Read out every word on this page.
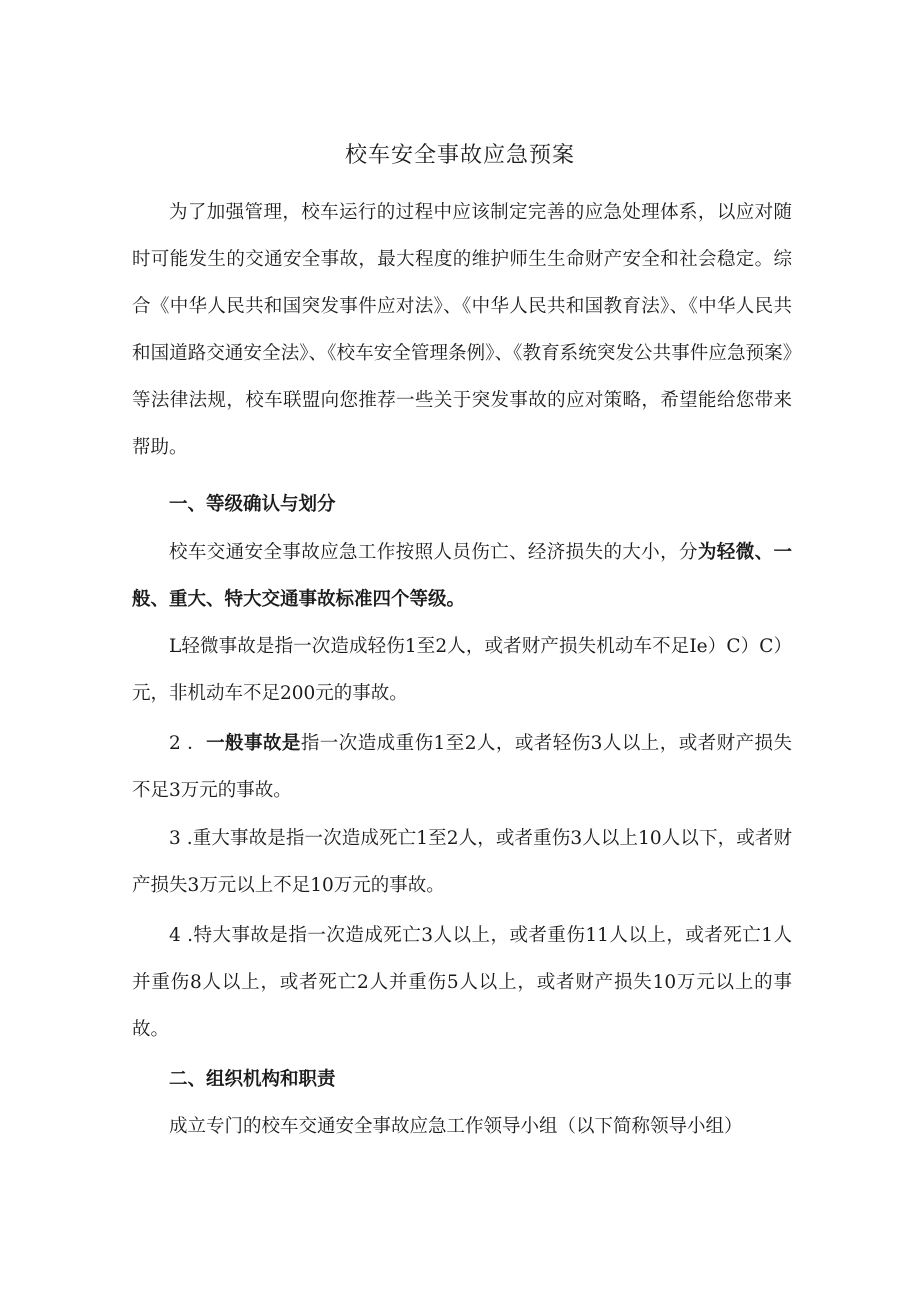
校车安全事故应急预案

为了加强管理，校车运行的过程中应该制定完善的应急处理体系，以应对随时可能发生的交通安全事故，最大程度的维护师生生命财产安全和社会稳定。综合《中华人民共和国突发事件应对法》、《中华人民共和国教育法》、《中华人民共和国道路交通安全法》、《校车安全管理条例》、《教育系统突发公共事件应急预案》等法律法规，校车联盟向您推荐一些关于突发事故的应对策略，希望能给您带来帮助。

一、等级确认与划分

校车交通安全事故应急工作按照人员伤亡、经济损失的大小，分为轻微、一般、重大、特大交通事故标准四个等级。

L轻微事故是指一次造成轻伤1至2人，或者财产损失机动车不足Ie）C）C）元，非机动车不足200元的事故。

2 ．一般事故是指一次造成重伤1至2人，或者轻伤3人以上，或者财产损失不足3万元的事故。

3 .重大事故是指一次造成死亡1至2人，或者重伤3人以上10人以下，或者财产损失3万元以上不足10万元的事故。

4 .特大事故是指一次造成死亡3人以上，或者重伤11人以上，或者死亡1人并重伤8人以上，或者死亡2人并重伤5人以上，或者财产损失10万元以上的事故。

二、组织机构和职责

成立专门的校车交通安全事故应急工作领导小组（以下简称领导小组）
